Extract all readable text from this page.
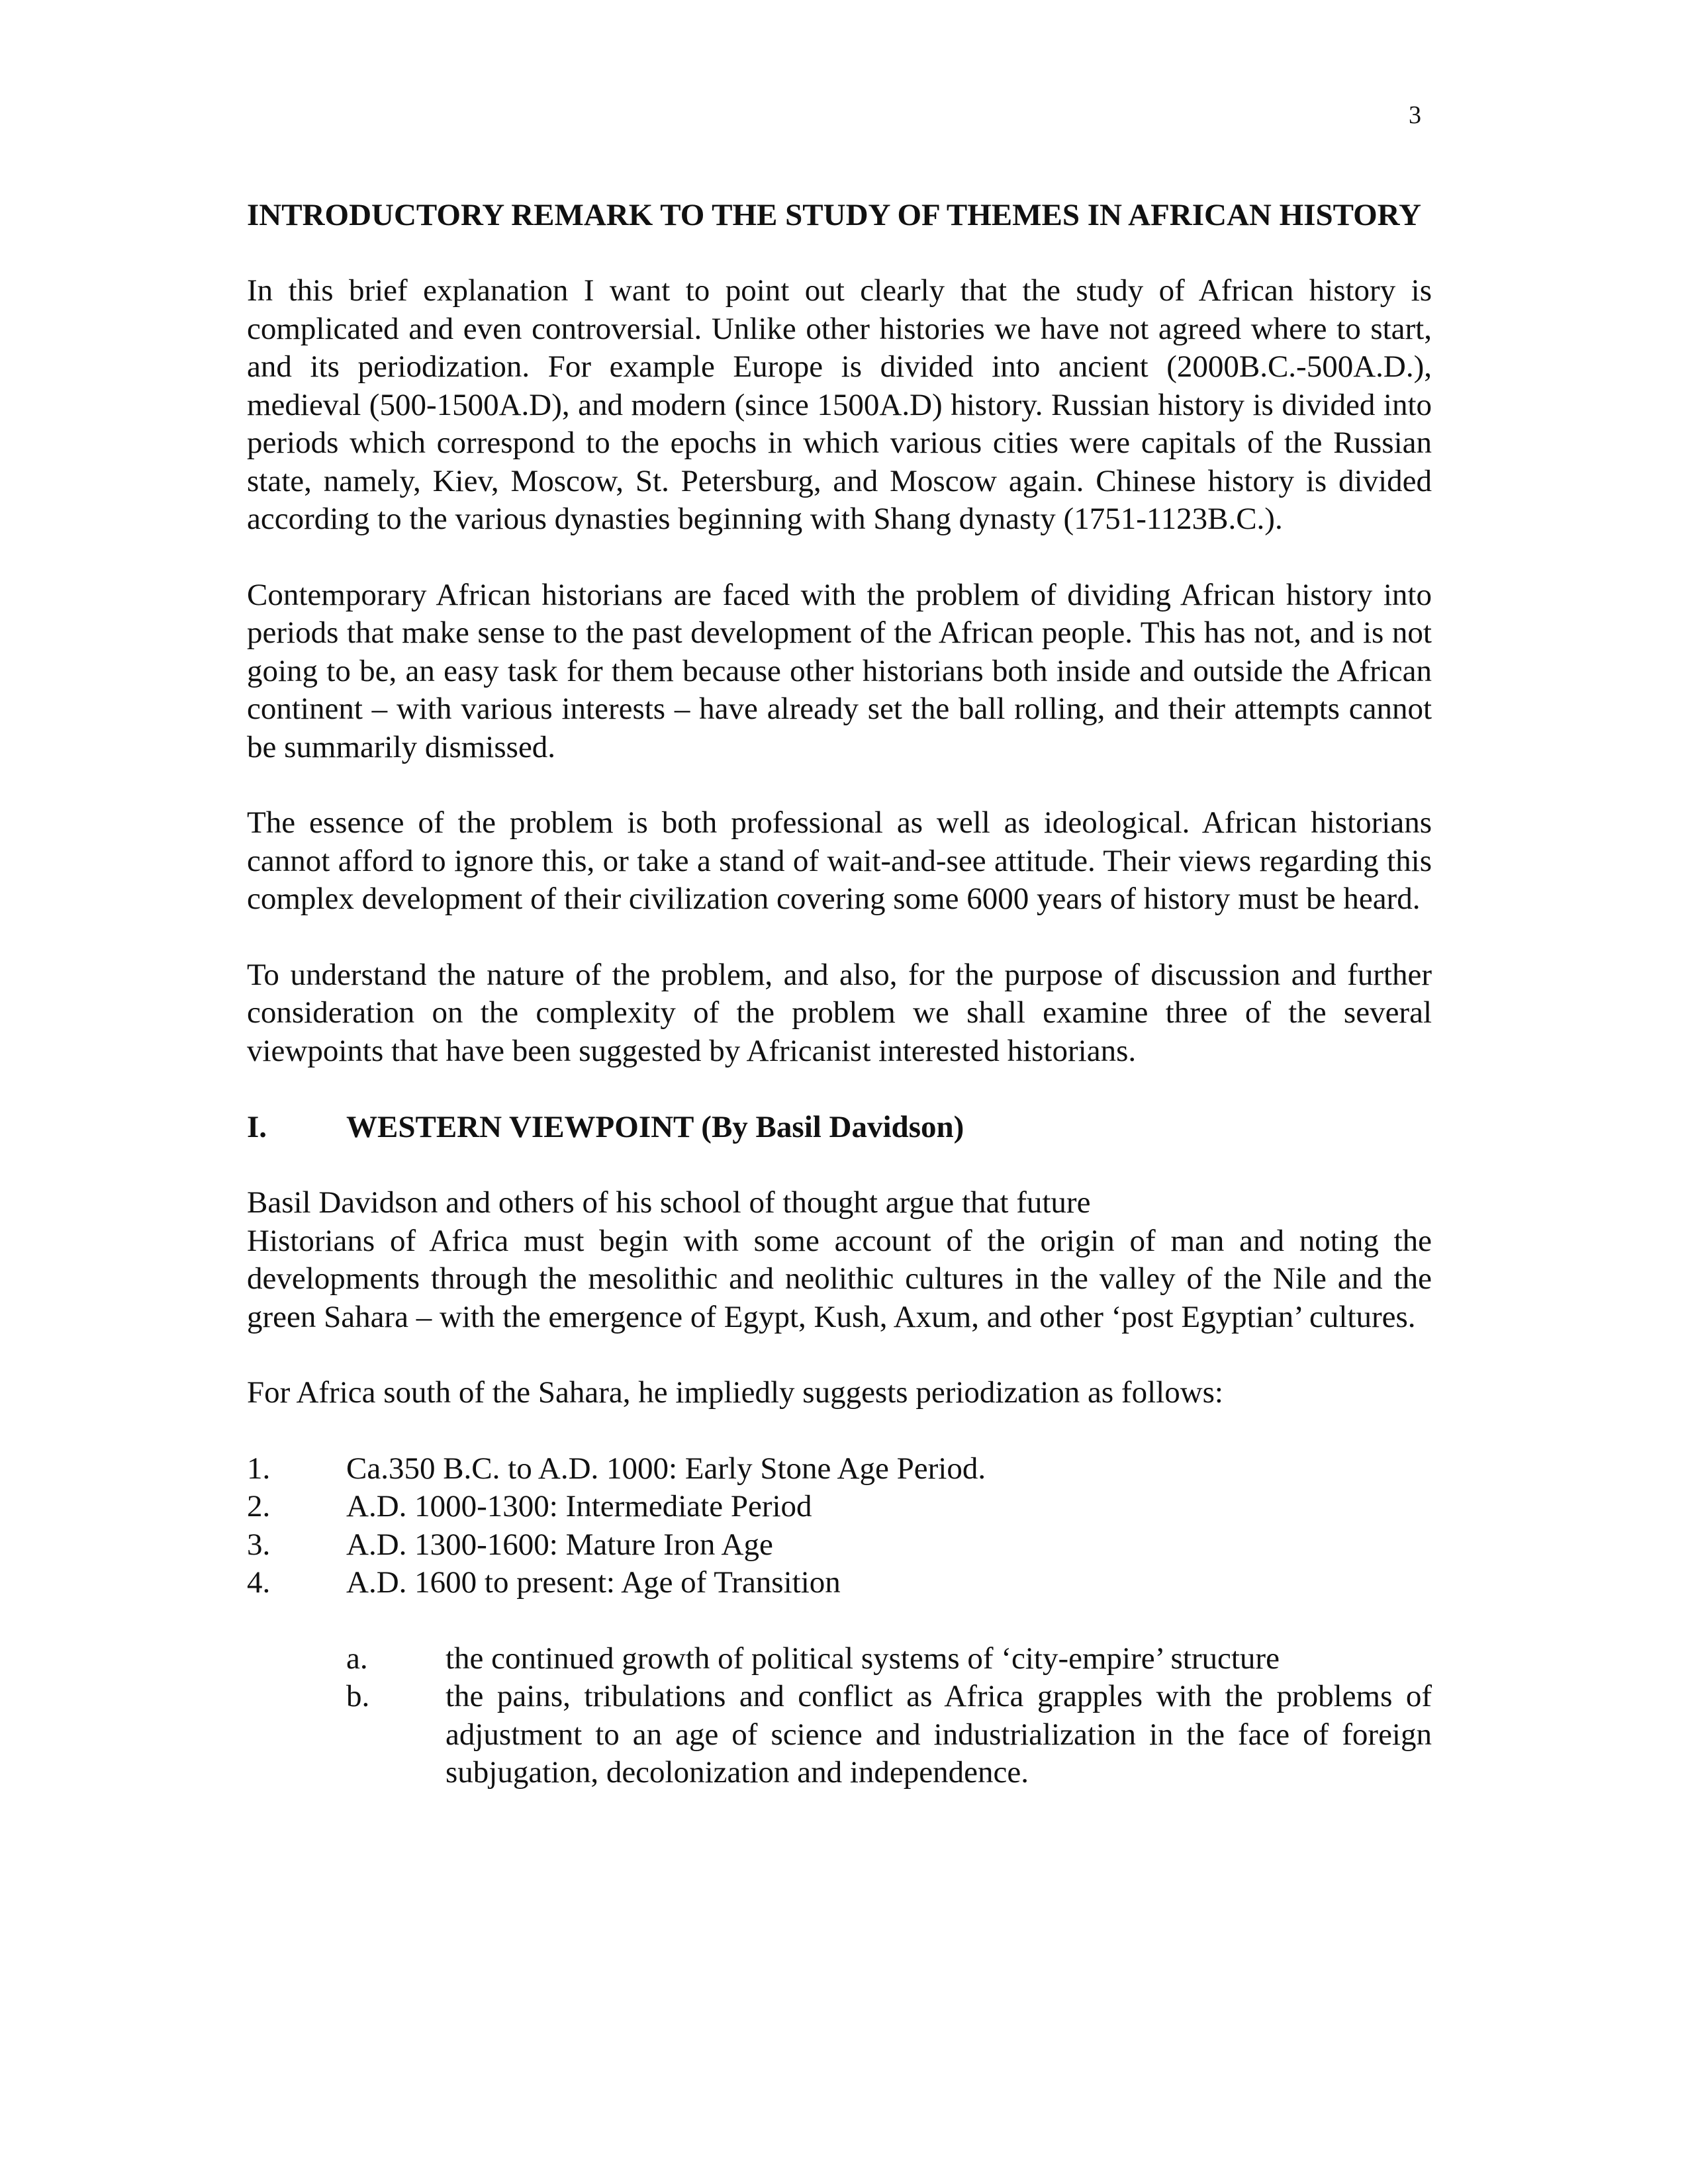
3

INTRODUCTORY REMARK TO THE STUDY OF THEMES IN AFRICAN HISTORY

In this brief explanation I want to point out clearly that the study of African history is complicated and even controversial. Unlike other histories we have not agreed where to start, and its periodization. For example Europe is divided into ancient (2000B.C.-500A.D.), medieval (500-1500A.D), and modern (since 1500A.D) history. Russian history is divided into periods which correspond to the epochs in which various cities were capitals of the Russian state, namely, Kiev, Moscow, St. Petersburg, and Moscow again. Chinese history is divided according to the various dynasties beginning with Shang dynasty (1751-1123B.C.).

Contemporary African historians are faced with the problem of dividing African history into periods that make sense to the past development of the African people. This has not, and is not going to be, an easy task for them because other historians both inside and outside the African continent – with various interests – have already set the ball rolling, and their attempts cannot be summarily dismissed.

The essence of the problem is both professional as well as ideological. African historians cannot afford to ignore this, or take a stand of wait-and-see attitude. Their views regarding this complex development of their civilization covering some 6000 years of history must be heard.

To understand the nature of the problem, and also, for the purpose of discussion and further consideration on the complexity of the problem we shall examine three of the several viewpoints that have been suggested by Africanist interested historians.

I.	WESTERN VIEWPOINT (By Basil Davidson)

Basil Davidson and others of his school of thought argue that future
Historians of Africa must begin with some account of the origin of man and noting the developments through the mesolithic and neolithic cultures in the valley of the Nile and the green Sahara – with the emergence of Egypt, Kush, Axum, and other ‘post Egyptian’ cultures.

For Africa south of the Sahara, he impliedly suggests periodization as follows:

1.	Ca.350 B.C. to A.D. 1000: Early Stone Age Period.
2.	A.D. 1000-1300: Intermediate Period
3.	A.D. 1300-1600: Mature Iron Age
4.	A.D. 1600 to present: Age of Transition
a.	the continued growth of political systems of ‘city-empire’ structure
b.	the pains, tribulations and conflict as Africa grapples with the problems of adjustment to an age of science and industrialization in the face of foreign subjugation, decolonization and independence.
